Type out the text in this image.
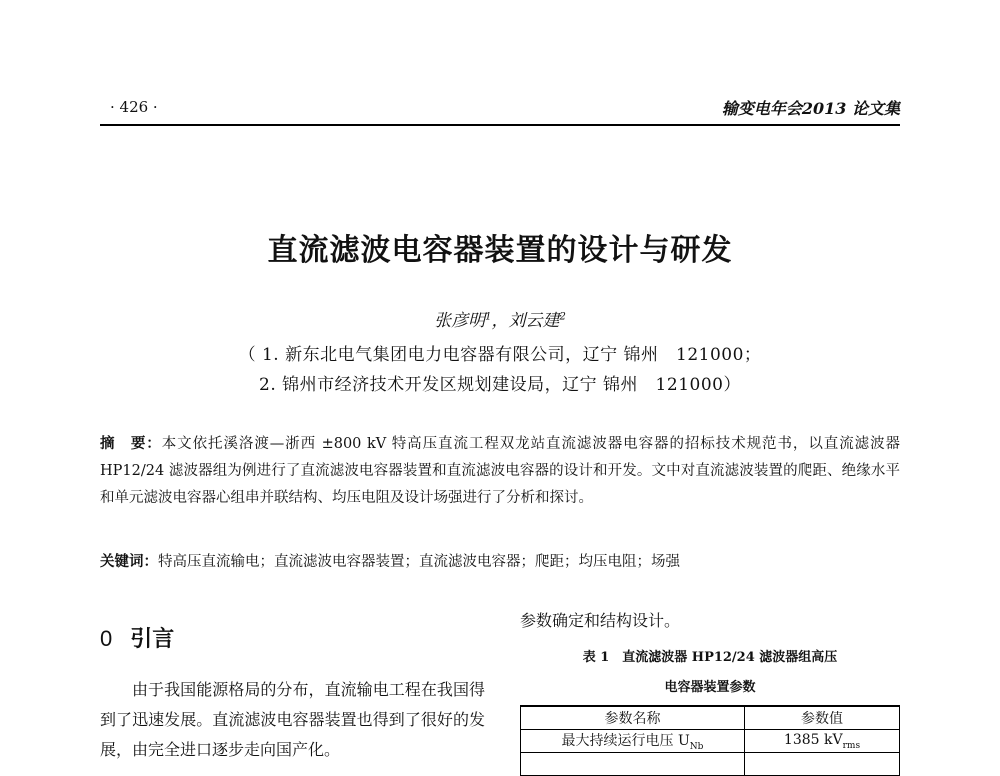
· 426 ·	输变电年会2013 论文集
直流滤波电容器装置的设计与研发
张彦明$^1$，刘云建$^2$
（ 1. 新东北电气集团电力电容器有限公司，辽宁 锦州　121000；
2. 锦州市经济技术开发区规划建设局，辽宁 锦州　121000）
摘　要：本文依托溪洛渡—浙西 ±800 kV 特高压直流工程双龙站直流滤波器电容器的招标技术规范书，以直流滤波器 HP12/24 滤波器组为例进行了直流滤波电容器装置和直流滤波电容器的设计和开发。文中对直流滤波装置的爬距、绝缘水平和单元滤波电容器心组串并联结构、均压电阻及设计场强进行了分析和探讨。
关键词：特高压直流输电；直流滤波电容器装置；直流滤波电容器；爬距；均压电阻；场强
0 引言

由于我国能源格局的分布，直流输电工程在我国得到了迅速发展。直流滤波电容器装置也得到了很好的发展，由完全进口逐步走向国产化。

参数确定和结构设计。
表 1　直流滤波器 HP12/24 滤波器组高压
电容器装置参数
参数名称	参数值
最大持续运行电压 $U_{Nb}$	1385 $kV_{rms}$
